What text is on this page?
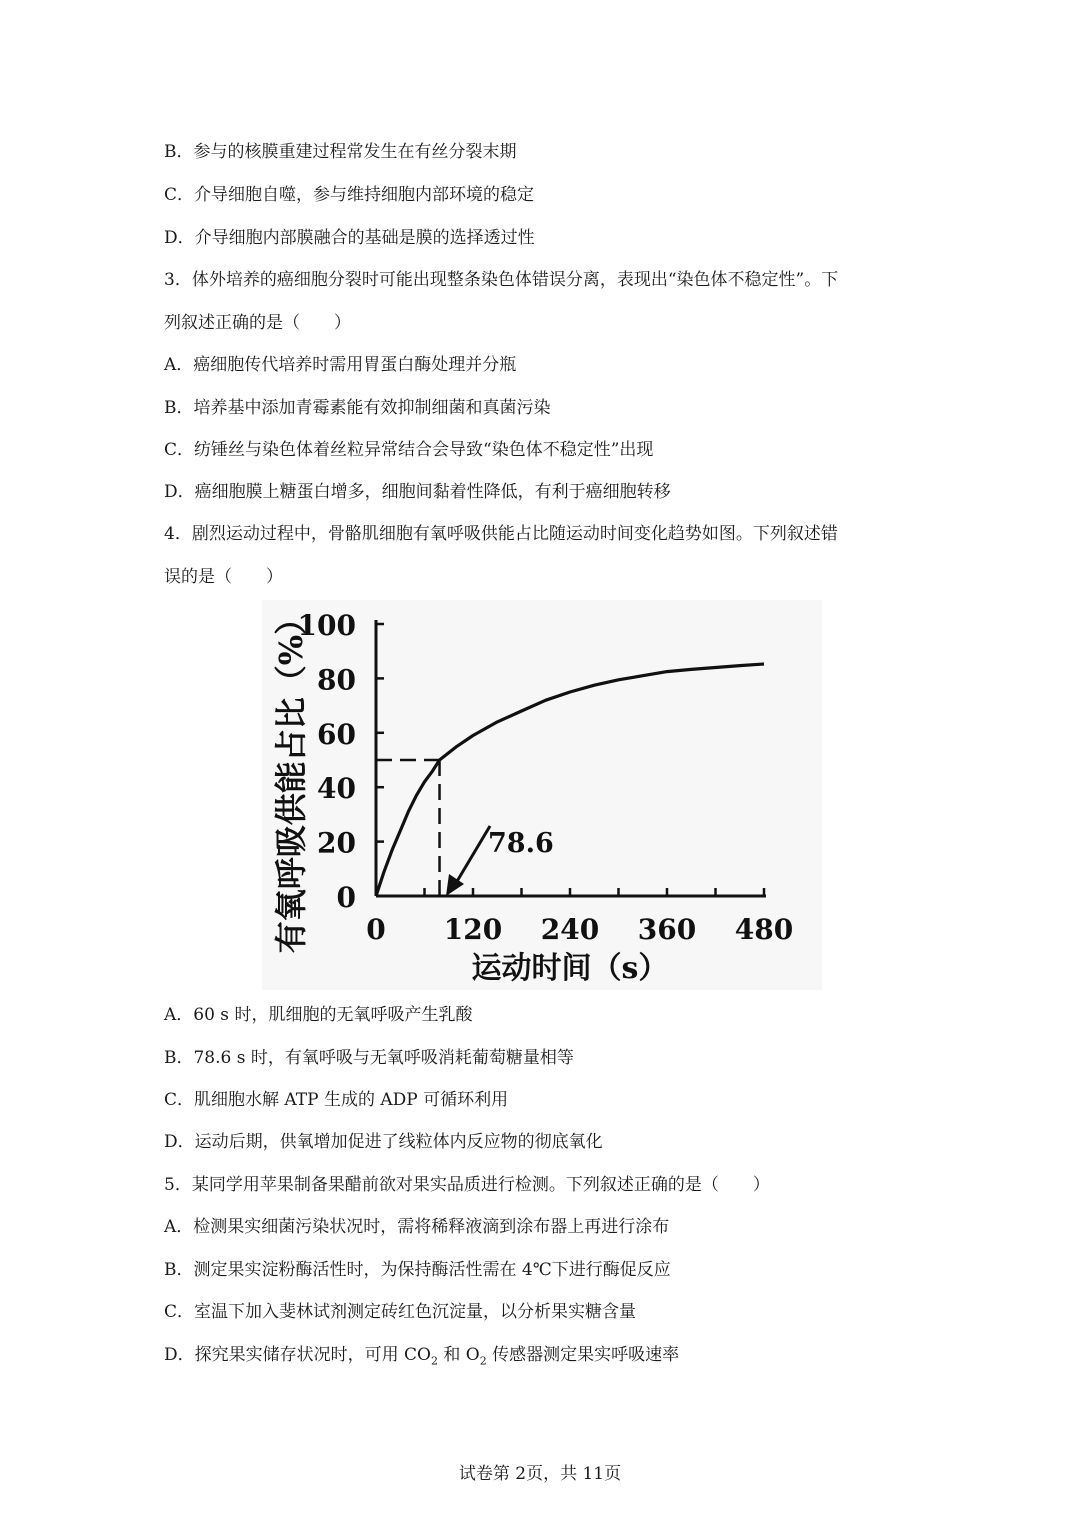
B．参与的核膜重建过程常发生在有丝分裂末期

C．介导细胞自噬，参与维持细胞内部环境的稳定

D．介导细胞内部膜融合的基础是膜的选择透过性

3．体外培养的癌细胞分裂时可能出现整条染色体错误分离，表现出“染色体不稳定性”。下

列叙述正确的是（　　）

A．癌细胞传代培养时需用胃蛋白酶处理并分瓶

B．培养基中添加青霉素能有效抑制细菌和真菌污染

C．纺锤丝与染色体着丝粒异常结合会导致“染色体不稳定性”出现

D．癌细胞膜上糖蛋白增多，细胞间黏着性降低，有利于癌细胞转移

4．剧烈运动过程中，骨骼肌细胞有氧呼吸供能占比随运动时间变化趋势如图。下列叙述错

误的是（　　）

A．60 s 时，肌细胞的无氧呼吸产生乳酸

B．78.6 s 时，有氧呼吸与无氧呼吸消耗葡萄糖量相等

C．肌细胞水解 ATP 生成的 ADP 可循环利用

D．运动后期，供氧增加促进了线粒体内反应物的彻底氧化

5．某同学用苹果制备果醋前欲对果实品质进行检测。下列叙述正确的是（　　）

A．检测果实细菌污染状况时，需将稀释液滴到涂布器上再进行涂布

B．测定果实淀粉酶活性时，为保持酶活性需在 4℃下进行酶促反应

C．室温下加入斐林试剂测定砖红色沉淀量，以分析果实糖含量

D．探究果实储存状况时，可用 $CO_2$ 和 $O_2$ 传感器测定果实呼吸速率

0
20
40
60
80
100
0 120 240 360 480
78.6
运动时间（s）
有氧呼吸供能占比（%）
试卷第 2页，共 11页
